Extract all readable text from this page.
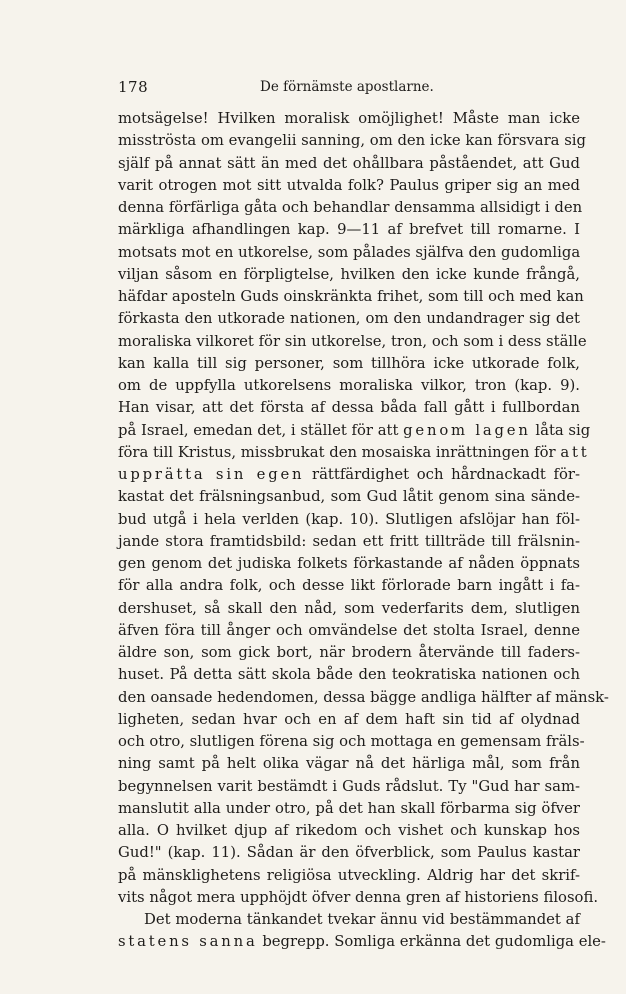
178	De förnämste apostlarne.
motsägelse! Hvilken moralisk omöjlighet! Måste man icke
misströsta om evangelii sanning, om den icke kan försvara sig
själf på annat sätt än med det ohållbara påståendet, att Gud
varit otrogen mot sitt utvalda folk? Paulus griper sig an med
denna förfärliga gåta och behandlar densamma allsidigt i den
märkliga afhandlingen kap. 9—11 af brefvet till romarne. I
motsats mot en utkorelse, som pålades själfva den gudomliga
viljan såsom en förpligtelse, hvilken den icke kunde frångå,
häfdar aposteln Guds oinskränkta frihet, som till och med kan
förkasta den utkorade nationen, om den undandrager sig det
moraliska vilkoret för sin utkorelse, tron, och som i dess ställe
kan kalla till sig personer, som tillhöra icke utkorade folk,
om de uppfylla utkorelsens moraliska vilkor, tron (kap. 9).
Han visar, att det första af dessa båda fall gått i fullbordan
på Israel, emedan det, i stället för att genom lagen låta sig
föra till Kristus, missbrukat den mosaiska inrättningen för att
upprätta sin egen rättfärdighet och hårdnackadt för-
kastat det frälsningsanbud, som Gud låtit genom sina sände-
bud utgå i hela verlden (kap. 10). Slutligen afslöjar han föl-
jande stora framtidsbild: sedan ett fritt tillträde till frälsnin-
gen genom det judiska folkets förkastande af nåden öppnats
för alla andra folk, och desse likt förlorade barn ingått i fa-
dershuset, så skall den nåd, som vederfarits dem, slutligen
äfven föra till ånger och omvändelse det stolta Israel, denne
äldre son, som gick bort, när brodern återvände till faders-
huset. På detta sätt skola både den teokratiska nationen och
den oansade hedendomen, dessa bägge andliga hälfter af mänsk-
ligheten, sedan hvar och en af dem haft sin tid af olydnad
och otro, slutligen förena sig och mottaga en gemensam fräls-
ning samt på helt olika vägar nå det härliga mål, som från
begynnelsen varit bestämdt i Guds rådslut. Ty "Gud har sam-
manslutit alla under otro, på det han skall förbarma sig öfver
alla. O hvilket djup af rikedom och vishet och kunskap hos
Gud!" (kap. 11). Sådan är den öfverblick, som Paulus kastar
på mänsklighetens religiösa utveckling. Aldrig har det skrif-
vits något mera upphöjdt öfver denna gren af historiens filosofi.
Det moderna tänkandet tvekar ännu vid bestämmandet af
statens sanna begrepp. Somliga erkänna det gudomliga ele-
